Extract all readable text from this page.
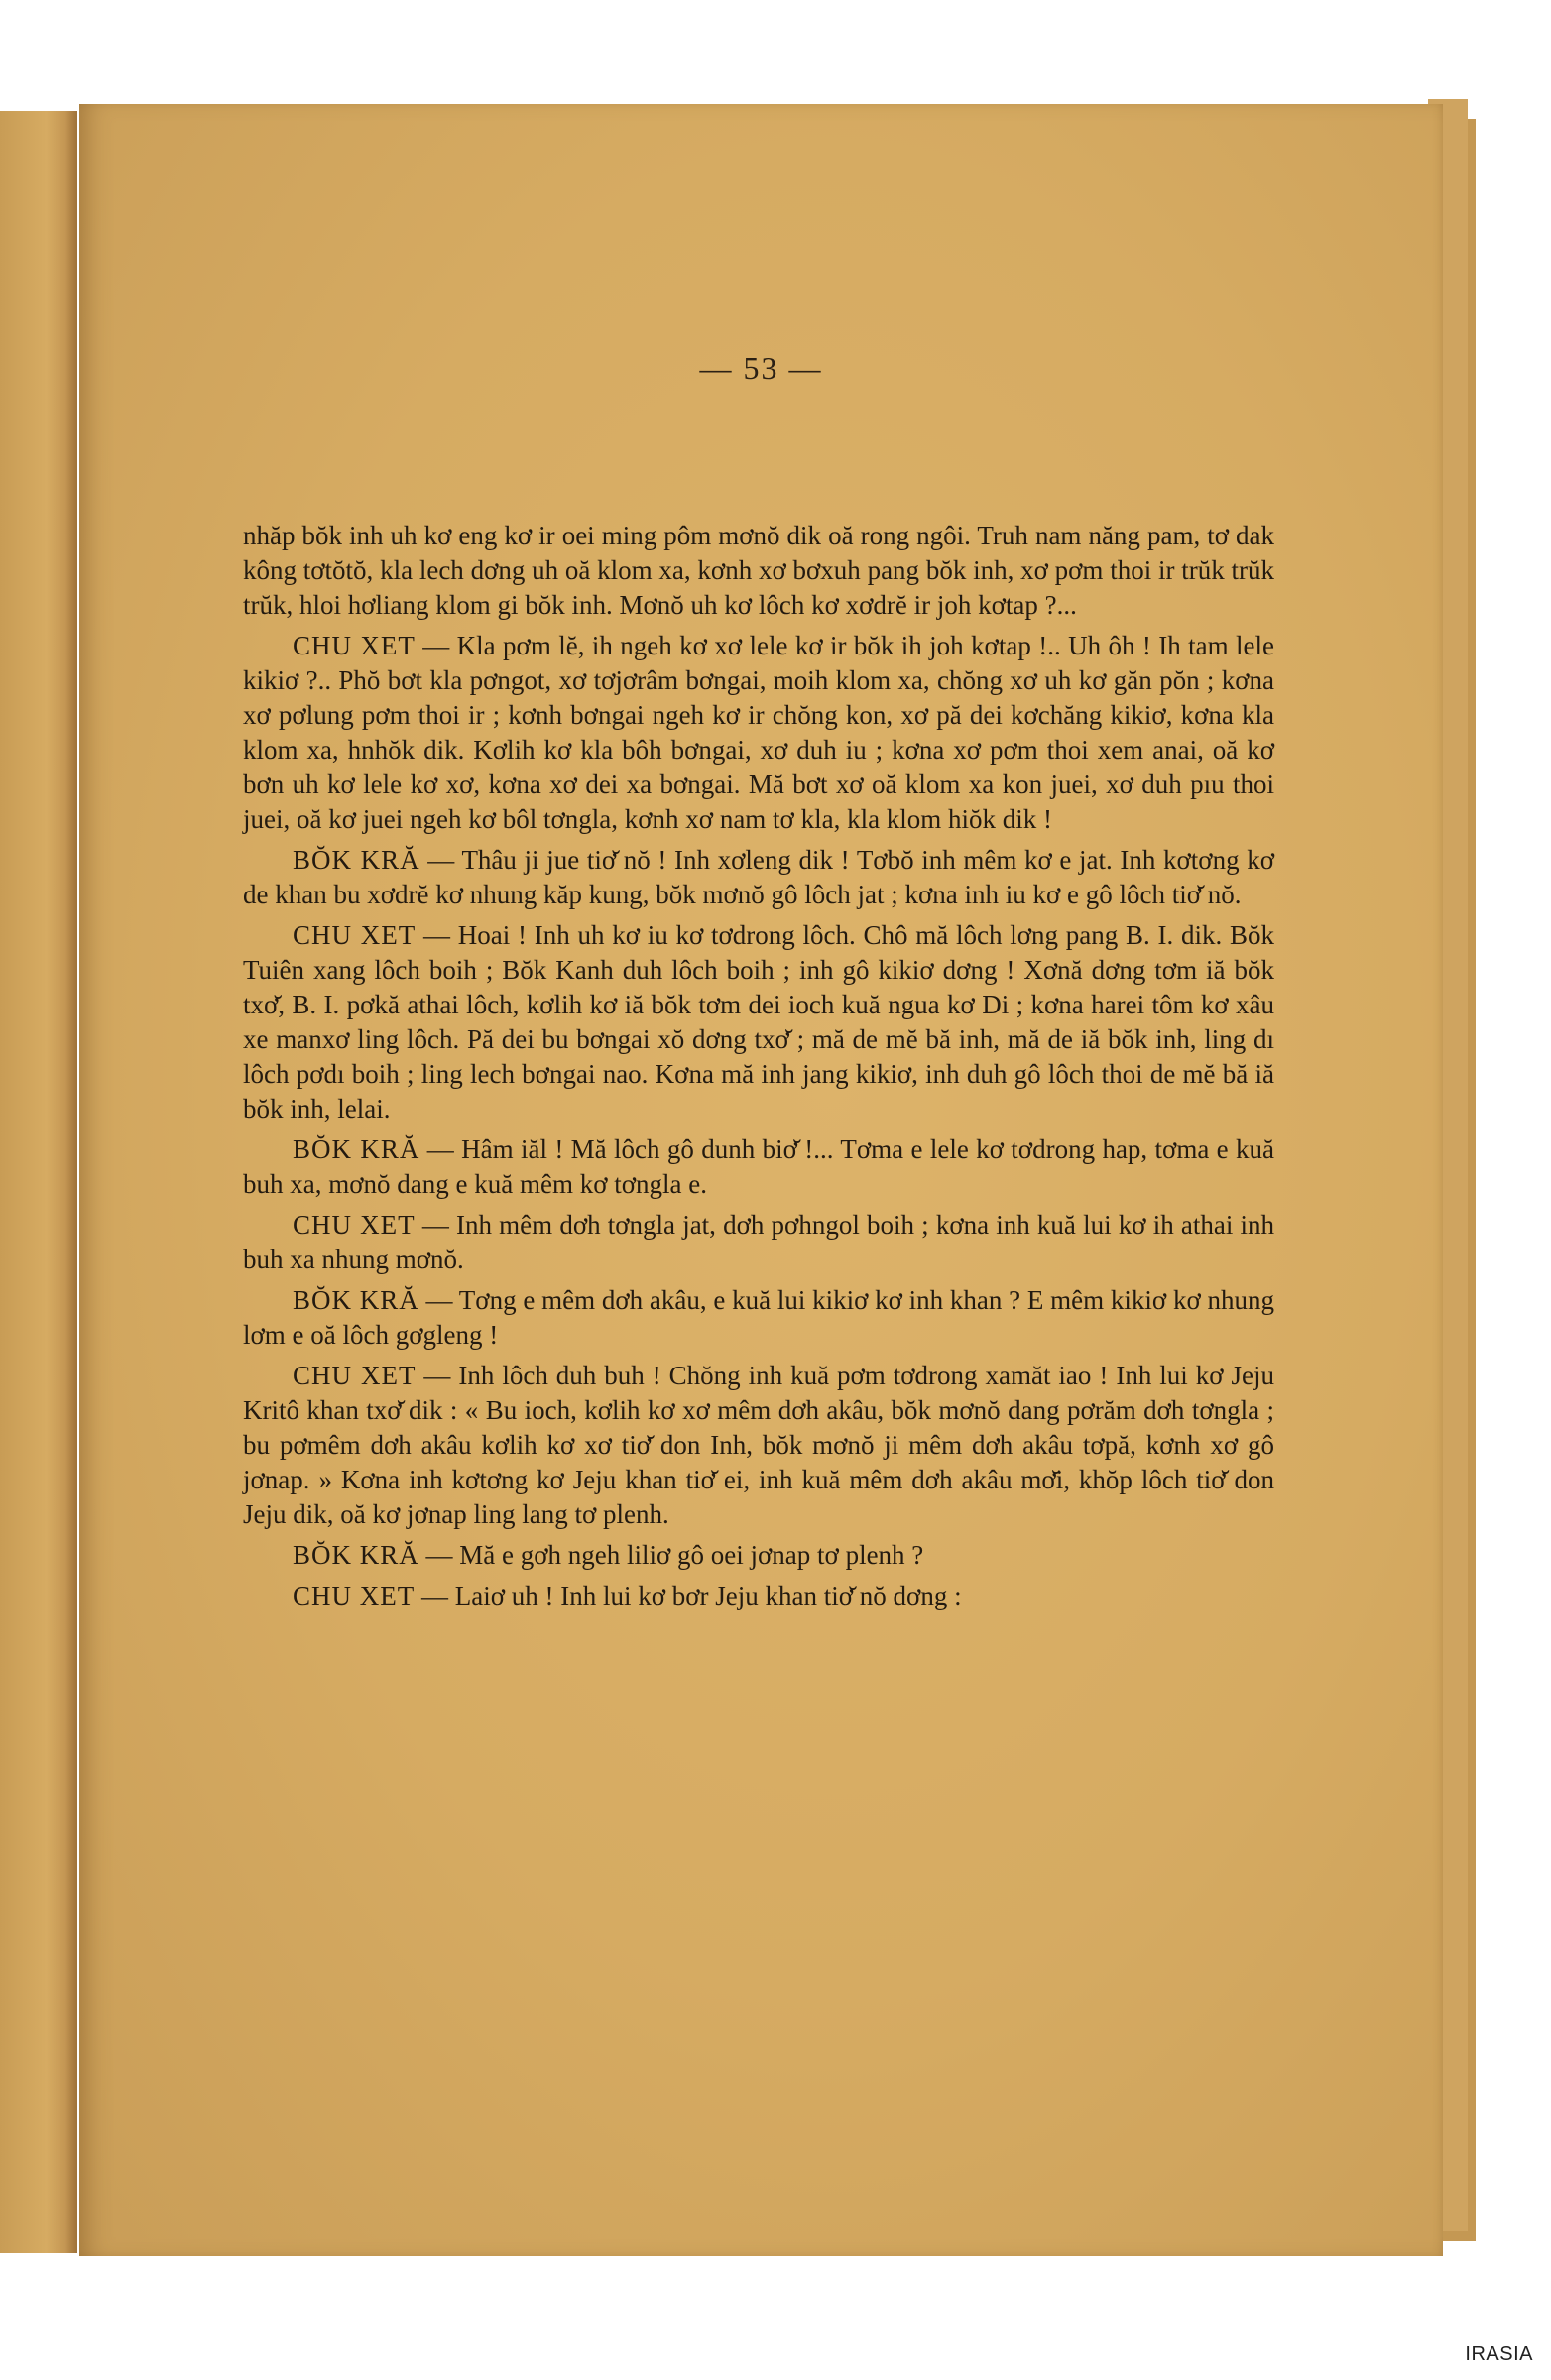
— 53 —

nhăp bŏk inh uh kơ eng kơ ir oei ming pôm mơnŏ dik oă rong ngôi. Truh nam năng pam, tơ dak kông tơtŏtŏ, kla lech dơng uh oă klom xa, kơnh xơ bơxuh pang bŏk inh, xơ pơm thoi ir trŭk trŭk trŭk, hloi hơliang klom gi bŏk inh. Mơnŏ uh kơ lôch kơ xơdrĕ ir joh kơtap ?...

CHU XET — Kla pơm lĕ, ih ngeh kơ xơ lele kơ ir bŏk ih joh kơtap !.. Uh ôh ! Ih tam lele kikiơ ?.. Phŏ bơt kla pơngot, xơ tơjơrâm bơngai, moih klom xa, chŏng xơ uh kơ găn pŏn ; kơna xơ pơlung pơm thoi ir ; kơnh bơngai ngeh kơ ir chŏng kon, xơ pă dei kơchăng kikiơ, kơna kla klom xa, hnhŏk dik. Kơlih kơ kla bôh bơngai, xơ duh iu ; kơna xơ pơm thoi xem anai, oă kơ bơn uh kơ lele kơ xơ, kơna xơ dei xa bơngai. Mă bơt xơ oă klom xa kon juei, xơ duh pıu thoi juei, oă kơ juei ngeh kơ bôl tơngla, kơnh xơ nam tơ kla, kla klom hiŏk dik !

BŎK KRĂ — Thâu ji jue tiơ̆ nŏ ! Inh xơleng dik ! Tơbŏ inh mêm kơ e jat. Inh kơtơng kơ de khan bu xơdrĕ kơ nhung kăp kung, bŏk mơnŏ gô lôch jat ; kơna inh iu kơ e gô lôch tiơ̆ nŏ.

CHU XET — Hoai ! Inh uh kơ iu kơ tơdrong lôch. Chô mă lôch lơng pang B. I. dik. Bŏk Tuiên xang lôch boih ; Bŏk Kanh duh lôch boih ; inh gô kikiơ dơng ! Xơnă dơng tơm iă bŏk txơ̆, B. I. pơkă athai lôch, kơlih kơ iă bŏk tơm dei ioch kuă ngua kơ Di ; kơna harei tôm kơ xâu xe manxơ ling lôch. Pă dei bu bơngai xŏ dơng txơ̆ ; mă de mĕ bă inh, mă de iă bŏk inh, ling dı lôch pơdı boih ; ling lech bơngai nao. Kơna mă inh jang kikiơ, inh duh gô lôch thoi de mĕ bă iă bŏk inh, lelai.

BŎK KRĂ — Hâm iăl ! Mă lôch gô dunh biơ̆ !... Tơma e lele kơ tơdrong hap, tơma e kuă buh xa, mơnŏ dang e kuă mêm kơ tơngla e.

CHU XET — Inh mêm dơh tơngla jat, dơh pơhngol boih ; kơna inh kuă lui kơ ih athai inh buh xa nhung mơnŏ.

BŎK KRĂ — Tơng e mêm dơh akâu, e kuă lui kikiơ kơ inh khan ? E mêm kikiơ kơ nhung lơm e oă lôch gơgleng !

CHU XET — Inh lôch duh buh ! Chŏng inh kuă pơm tơdrong xamăt iao ! Inh lui kơ Jeju Kritô khan txơ̆ dik : « Bu ioch, kơlih kơ xơ mêm dơh akâu, bŏk mơnŏ dang pơrăm dơh tơngla ; bu pơmêm dơh akâu kơlih kơ xơ tiơ̆ don Inh, bŏk mơnŏ ji mêm dơh akâu tơpă, kơnh xơ gô jơnap. » Kơna inh kơtơng kơ Jeju khan tiơ̆ ei, inh kuă mêm dơh akâu mơ̆i, khŏp lôch tiơ̆ don Jeju dik, oă kơ jơnap ling lang tơ plenh.

BŎK KRĂ — Mă e gơh ngeh liliơ gô oei jơnap tơ plenh ?

CHU XET — Laiơ uh ! Inh lui kơ bơr Jeju khan tiơ̆ nŏ dơng :

IRASIA
